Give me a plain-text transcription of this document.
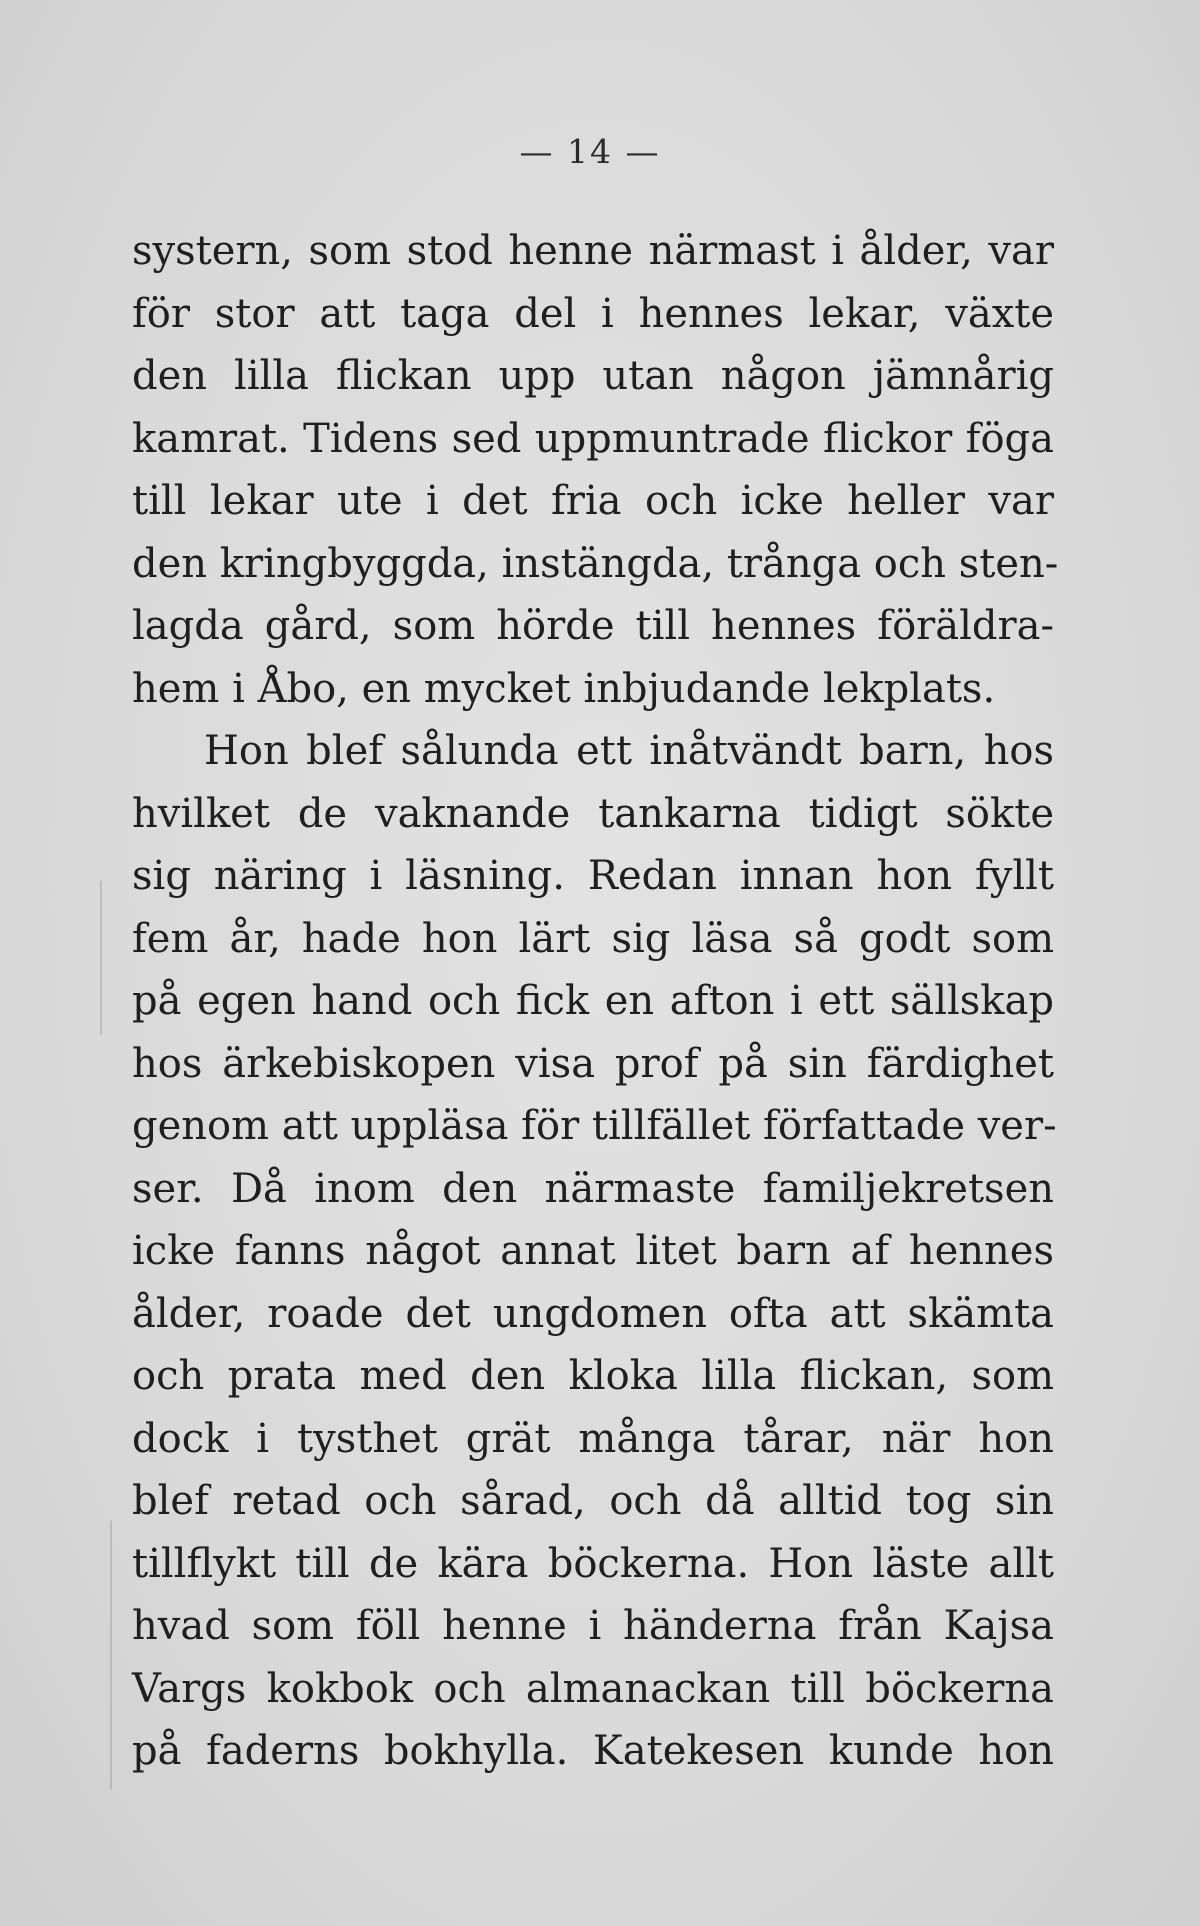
— 14 —
systern, som stod henne närmast i ålder, var
för stor att taga del i hennes lekar, växte
den lilla flickan upp utan någon jämnårig
kamrat. Tidens sed uppmuntrade flickor föga
till lekar ute i det fria och icke heller var
den kringbyggda, instängda, trånga och sten-
lagda gård, som hörde till hennes föräldra-
hem i Åbo, en mycket inbjudande lekplats.
Hon blef sålunda ett inåtvändt barn, hos
hvilket de vaknande tankarna tidigt sökte
sig näring i läsning. Redan innan hon fyllt
fem år, hade hon lärt sig läsa så godt som
på egen hand och fick en afton i ett sällskap
hos ärkebiskopen visa prof på sin färdighet
genom att uppläsa för tillfället författade ver-
ser. Då inom den närmaste familjekretsen
icke fanns något annat litet barn af hennes
ålder, roade det ungdomen ofta att skämta
och prata med den kloka lilla flickan, som
dock i tysthet grät många tårar, när hon
blef retad och sårad, och då alltid tog sin
tillflykt till de kära böckerna. Hon läste allt
hvad som föll henne i händerna från Kajsa
Vargs kokbok och almanackan till böckerna
på faderns bokhylla. Katekesen kunde hon
